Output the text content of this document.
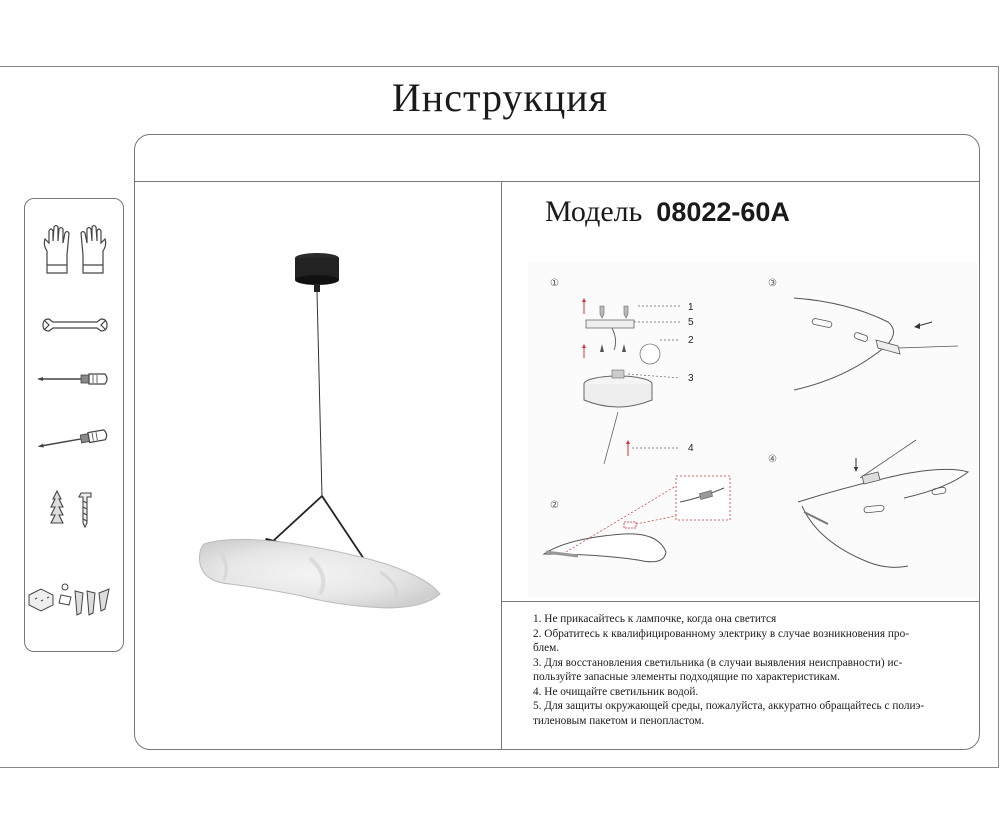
Инструкция
Модель 08022-60A
①
1
5
2
3
4
②
③
④
1. Не прикасайтесь к лампочке, когда она светится
2. Обратитесь к квалифицированному электрику в случае возникновения про-
блем.
3. Для восстановления светильника (в случаи выявления неисправности) ис-
пользуйте запасные элементы подходящие по характеристикам.
4. Не очищайте светильник водой.
5. Для защиты окружающей среды, пожалуйста, аккуратно обращайтесь с полиэ-
тиленовым пакетом и пенопластом.
